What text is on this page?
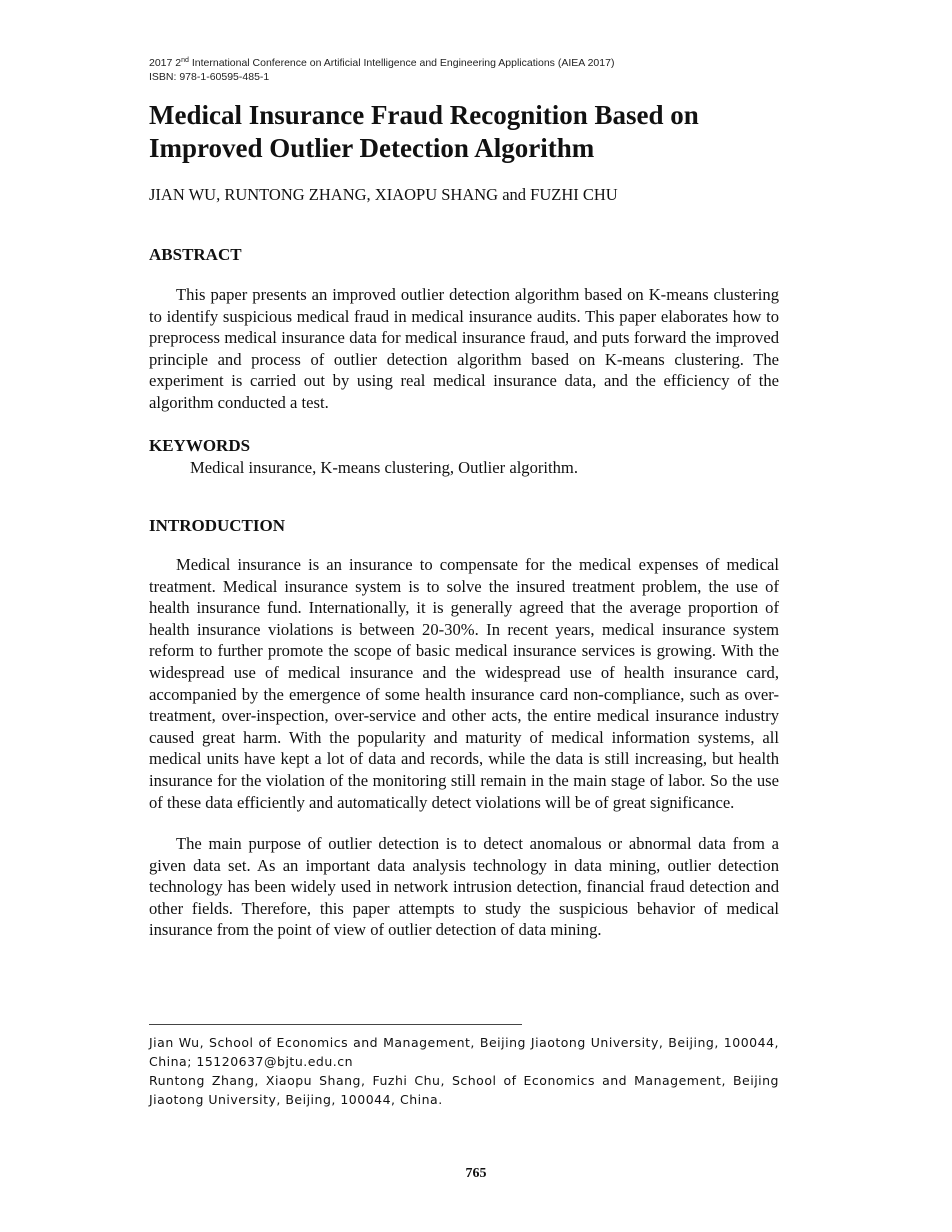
2017 2nd International Conference on Artificial Intelligence and Engineering Applications (AIEA 2017)
ISBN: 978-1-60595-485-1
Medical Insurance Fraud Recognition Based on
Improved Outlier Detection Algorithm
JIAN WU, RUNTONG ZHANG, XIAOPU SHANG and FUZHI CHU
ABSTRACT

This paper presents an improved outlier detection algorithm based on K-means clustering to identify suspicious medical fraud in medical insurance audits. This paper elaborates how to preprocess medical insurance data for medical insurance fraud, and puts forward the improved principle and process of outlier detection algorithm based on K-means clustering. The experiment is carried out by using real medical insurance data, and the efficiency of the algorithm conducted a test.

KEYWORDS
Medical insurance, K-means clustering, Outlier algorithm.
INTRODUCTION

Medical insurance is an insurance to compensate for the medical expenses of medical treatment. Medical insurance system is to solve the insured treatment problem, the use of health insurance fund. Internationally, it is generally agreed that the average proportion of health insurance violations is between 20-30%. In recent years, medical insurance system reform to further promote the scope of basic medical insurance services is growing. With the widespread use of medical insurance and the widespread use of health insurance card, accompanied by the emergence of some health insurance card non-compliance, such as over-treatment, over-inspection, over-service and other acts, the entire medical insurance industry caused great harm. With the popularity and maturity of medical information systems, all medical units have kept a lot of data and records, while the data is still increasing, but health insurance for the violation of the monitoring still remain in the main stage of labor. So the use of these data efficiently and automatically detect violations will be of great significance.

The main purpose of outlier detection is to detect anomalous or abnormal data from a given data set. As an important data analysis technology in data mining, outlier detection technology has been widely used in network intrusion detection, financial fraud detection and other fields. Therefore, this paper attempts to study the suspicious behavior of medical insurance from the point of view of outlier detection of data mining.

Jian Wu, School of Economics and Management, Beijing Jiaotong University, Beijing, 100044, China; 15120637@bjtu.edu.cn

Runtong Zhang, Xiaopu Shang, Fuzhi Chu, School of Economics and Management, Beijing Jiaotong University, Beijing, 100044, China.

765
